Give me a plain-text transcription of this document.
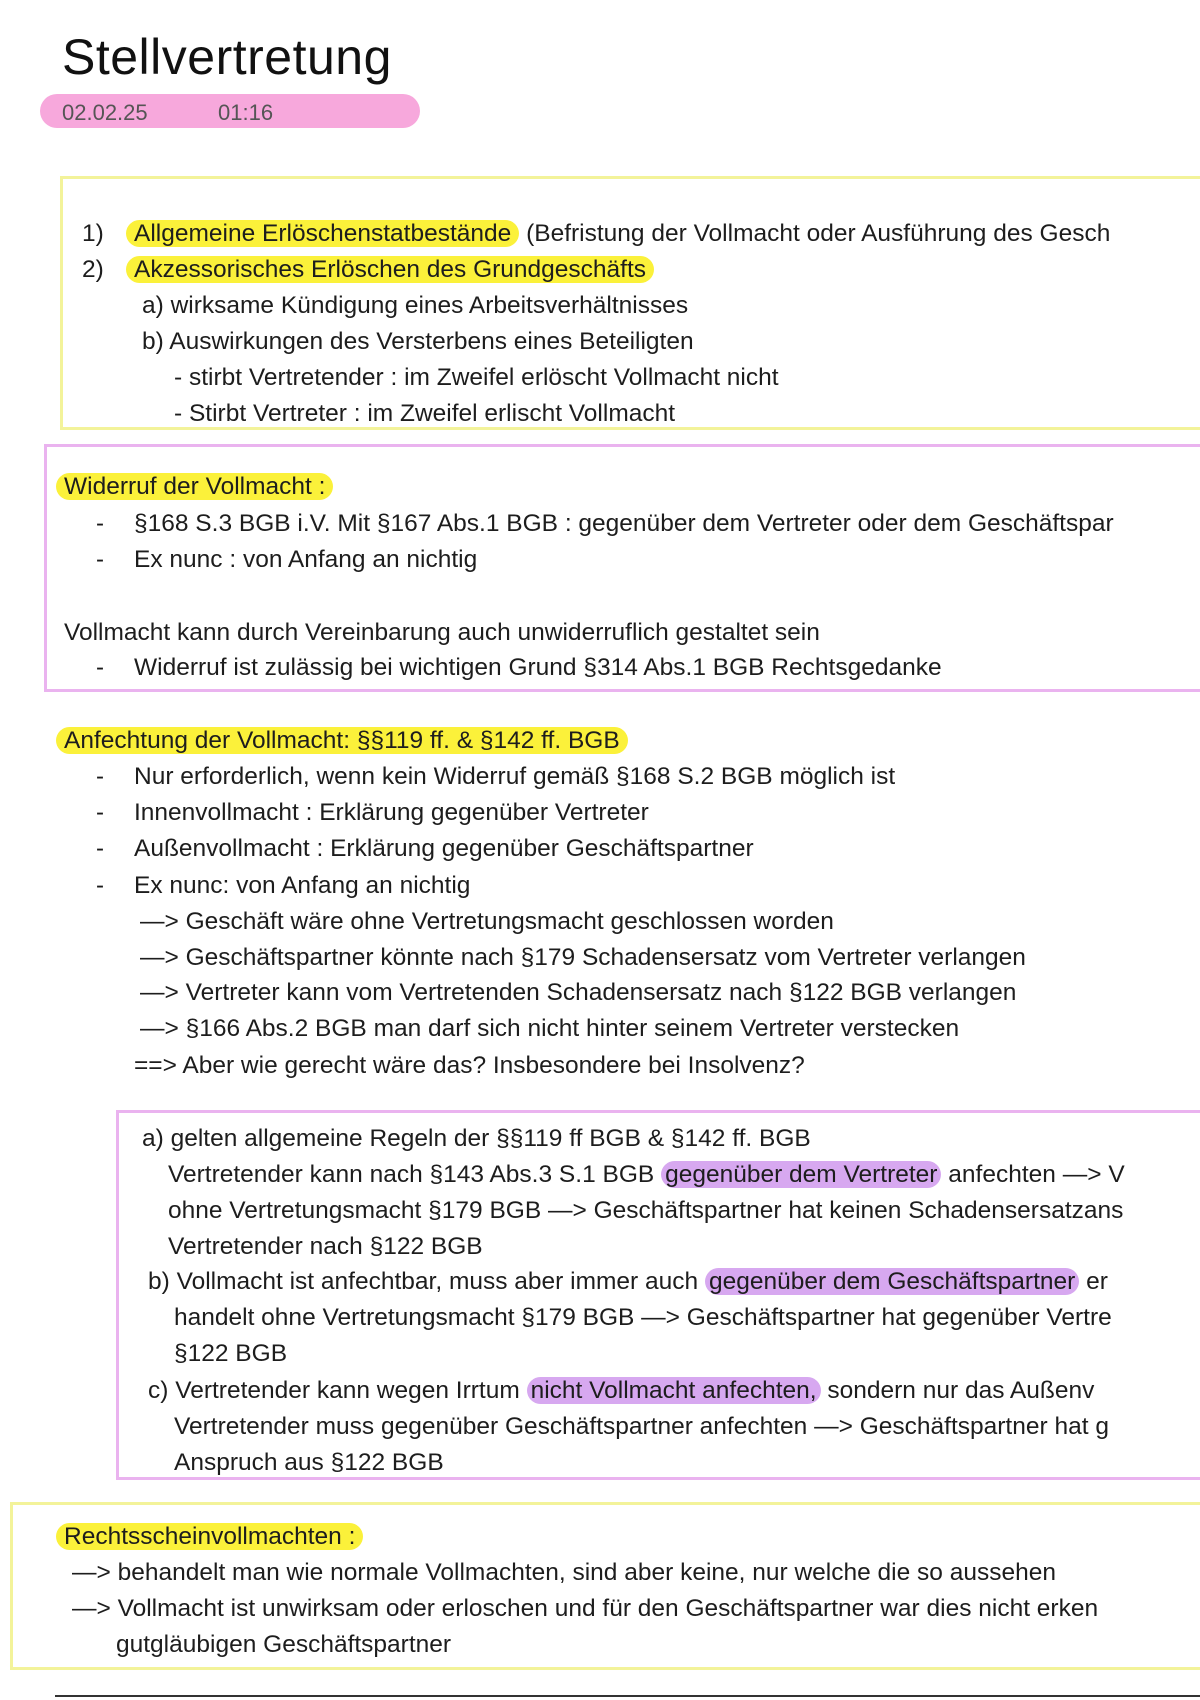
Stellvertretung
02.02.25	01:16
1) Allgemeine Erlöschenstatbestände (Befristung der Vollmacht oder Ausführung des Gesch
2) Akzessorisches Erlöschen des Grundgeschäfts
a) wirksame Kündigung eines Arbeitsverhältnisses
b) Auswirkungen des Versterbens eines Beteiligten
- stirbt Vertretender : im Zweifel erlöscht Vollmacht nicht
- Stirbt Vertreter : im Zweifel erlischt Vollmacht
Widerruf der Vollmacht :
- §168 S.3 BGB i.V. Mit §167 Abs.1 BGB : gegenüber dem Vertreter oder dem Geschäftspar
- Ex nunc : von Anfang an nichtig
Vollmacht kann durch Vereinbarung auch unwiderruflich gestaltet sein
- Widerruf ist zulässig bei wichtigen Grund §314 Abs.1 BGB Rechtsgedanke
Anfechtung der Vollmacht: §§119 ff. & §142 ff. BGB
- Nur erforderlich, wenn kein Widerruf gemäß §168 S.2 BGB möglich ist
- Innenvollmacht : Erklärung gegenüber Vertreter
- Außenvollmacht : Erklärung gegenüber Geschäftspartner
- Ex nunc: von Anfang an nichtig
—> Geschäft wäre ohne Vertretungsmacht geschlossen worden
—> Geschäftspartner könnte nach §179 Schadensersatz vom Vertreter verlangen
—> Vertreter kann vom Vertretenden Schadensersatz nach §122 BGB verlangen
—> §166 Abs.2 BGB man darf sich nicht hinter seinem Vertreter verstecken
==> Aber wie gerecht wäre das? Insbesondere bei Insolvenz?
a) gelten allgemeine Regeln der §§119 ff BGB & §142 ff. BGB
Vertretender kann nach §143 Abs.3 S.1 BGB gegenüber dem Vertreter anfechten —> V
ohne Vertretungsmacht §179 BGB —> Geschäftspartner hat keinen Schadensersatzans
Vertretender nach §122 BGB
b) Vollmacht ist anfechtbar, muss aber immer auch gegenüber dem Geschäftspartner er
handelt ohne Vertretungsmacht §179 BGB —> Geschäftspartner hat gegenüber Vertre
§122 BGB
c) Vertretender kann wegen Irrtum nicht Vollmacht anfechten, sondern nur das Außenv
Vertretender muss gegenüber Geschäftspartner anfechten —> Geschäftspartner hat g
Anspruch aus §122 BGB
Rechtsscheinvollmachten :
—> behandelt man wie normale Vollmachten, sind aber keine, nur welche die so aussehen
—> Vollmacht ist unwirksam oder erloschen und für den Geschäftspartner war dies nicht erken
gutgläubigen Geschäftspartner
